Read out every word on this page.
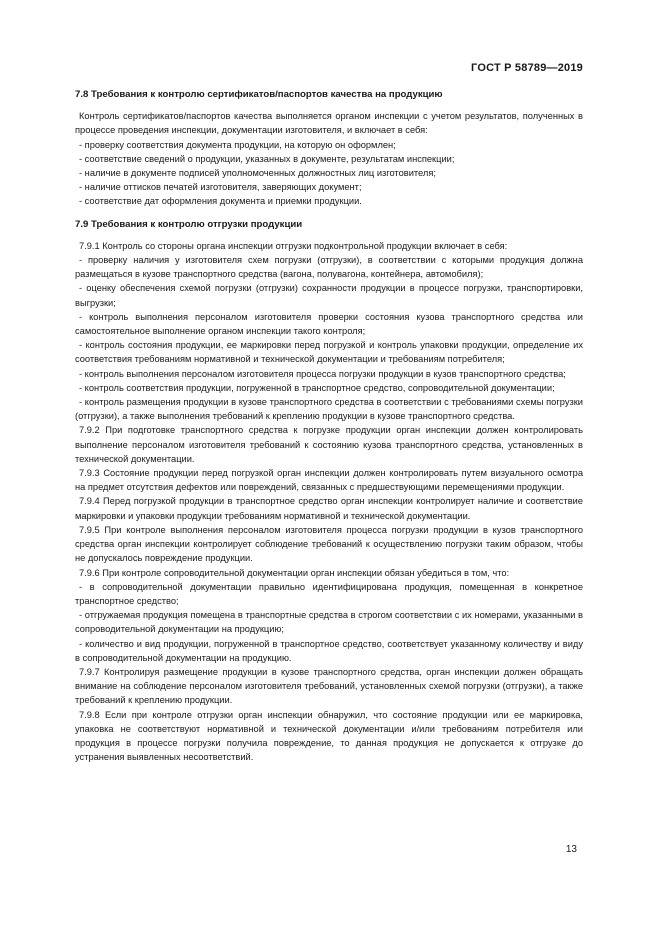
ГОСТ Р 58789—2019

7.8 Требования к контролю сертификатов/паспортов качества на продукцию

Контроль сертификатов/паспортов качества выполняется органом инспекции с учетом результатов, полученных в процессе проведения инспекции, документации изготовителя, и включает в себя:

- проверку соответствия документа продукции, на которую он оформлен;

- соответствие сведений о продукции, указанных в документе, результатам инспекции;

- наличие в документе подписей уполномоченных должностных лиц изготовителя;

- наличие оттисков печатей изготовителя, заверяющих документ;

- соответствие дат оформления документа и приемки продукции.

7.9 Требования к контролю отгрузки продукции

7.9.1 Контроль со стороны органа инспекции отгрузки подконтрольной продукции включает в себя:

- проверку наличия у изготовителя схем погрузки (отгрузки), в соответствии с которыми продукция должна размещаться в кузове транспортного средства (вагона, полувагона, контейнера, автомобиля);

- оценку обеспечения схемой погрузки (отгрузки) сохранности продукции в процессе погрузки, транспортировки, выгрузки;

- контроль выполнения персоналом изготовителя проверки состояния кузова транспортного средства или самостоятельное выполнение органом инспекции такого контроля;

- контроль состояния продукции, ее маркировки перед погрузкой и контроль упаковки продукции, определение их соответствия требованиям нормативной и технической документации и требованиям потребителя;

- контроль выполнения персоналом изготовителя процесса погрузки продукции в кузов транспортного средства;

- контроль соответствия продукции, погруженной в транспортное средство, сопроводительной документации;

- контроль размещения продукции в кузове транспортного средства в соответствии с требованиями схемы погрузки (отгрузки), а также выполнения требований к креплению продукции в кузове транспортного средства.

7.9.2 При подготовке транспортного средства к погрузке продукции орган инспекции должен контролировать выполнение персоналом изготовителя требований к состоянию кузова транспортного средства, установленных в технической документации.

7.9.3 Состояние продукции перед погрузкой орган инспекции должен контролировать путем визуального осмотра на предмет отсутствия дефектов или повреждений, связанных с предшествующими перемещениями продукции.

7.9.4 Перед погрузкой продукции в транспортное средство орган инспекции контролирует наличие и соответствие маркировки и упаковки продукции требованиям нормативной и технической документации.

7.9.5 При контроле выполнения персоналом изготовителя процесса погрузки продукции в кузов транспортного средства орган инспекции контролирует соблюдение требований к осуществлению погрузки таким образом, чтобы не допускалось повреждение продукции.

7.9.6 При контроле сопроводительной документации орган инспекции обязан убедиться в том, что:

- в сопроводительной документации правильно идентифицирована продукция, помещенная в конкретное транспортное средство;

- отгружаемая продукция помещена в транспортные средства в строгом соответствии с их номерами, указанными в сопроводительной документации на продукцию;

- количество и вид продукции, погруженной в транспортное средство, соответствует указанному количеству и виду в сопроводительной документации на продукцию.

7.9.7 Контролируя размещение продукции в кузове транспортного средства, орган инспекции должен обращать внимание на соблюдение персоналом изготовителя требований, установленных схемой погрузки (отгрузки), а также требований к креплению продукции.

7.9.8 Если при контроле отгрузки орган инспекции обнаружил, что состояние продукции или ее маркировка, упаковка не соответствуют нормативной и технической документации и/или требованиям потребителя или продукция в процессе погрузки получила повреждение, то данная продукция не допускается к отгрузке до устранения выявленных несоответствий.

13
